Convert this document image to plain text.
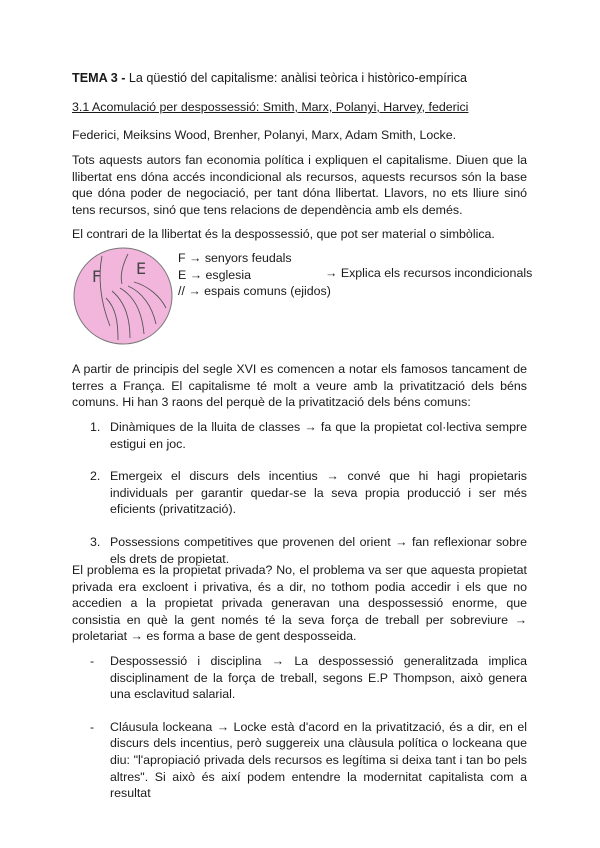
TEMA 3 - La qüestió del capitalisme: anàlisi teòrica i històrico-empírica
3.1 Acomulació per despossessió: Smith, Marx, Polanyi, Harvey, federici

Federici, Meiksins Wood, Brenher, Polanyi, Marx, Adam Smith, Locke.

Tots aquests autors fan economia política i expliquen el capitalisme. Diuen que la llibertat ens dóna accés incondicional als recursos, aquests recursos són la base que dóna poder de negociació, per tant dóna llibertat. Llavors, no ets lliure sinó tens recursos, sinó que tens relacions de dependència amb els demés.

El contrari de la llibertat és la despossessió, que pot ser material o simbòlica.

F E
F → senyors feudals
E → esglesia
// → espais comuns (ejidos)
→ Explica els recursos incondicionals

A partir de principis del segle XVI es comencen a notar els famosos tancament de terres a França. El capitalisme té molt a veure amb la privatització dels béns comuns. Hi han 3 raons del perquè de la privatització dels béns comuns:

1. Dinàmiques de la lluita de classes → fa que la propietat col·lectiva sempre estigui en joc.
2. Emergeix el discurs dels incentius → convé que hi hagi propietaris individuals per garantir quedar-se la seva propia producció i ser més eficients (privatització).
3. Possessions competitives que provenen del orient → fan reflexionar sobre els drets de propietat.

El problema es la propietat privada? No, el problema va ser que aquesta propietat privada era excloent i privativa, és a dir, no tothom podia accedir i els que no accedien a la propietat privada generavan una despossessió enorme, que consistia en què la gent només té la seva força de treball per sobreviure → proletariat → es forma a base de gent desposseida.

- Despossessió i disciplina → La despossessió generalitzada implica disciplinament de la força de treball, segons E.P Thompson, això genera una esclavitud salarial.
- Cláusula lockeana → Locke està d'acord en la privatització, és a dir, en el discurs dels incentius, però suggereix una clàusula política o lockeana que diu: "l'apropiació privada dels recursos es legítima si deixa tant i tan bo pels altres". Si això és així podem entendre la modernitat capitalista com a resultat
